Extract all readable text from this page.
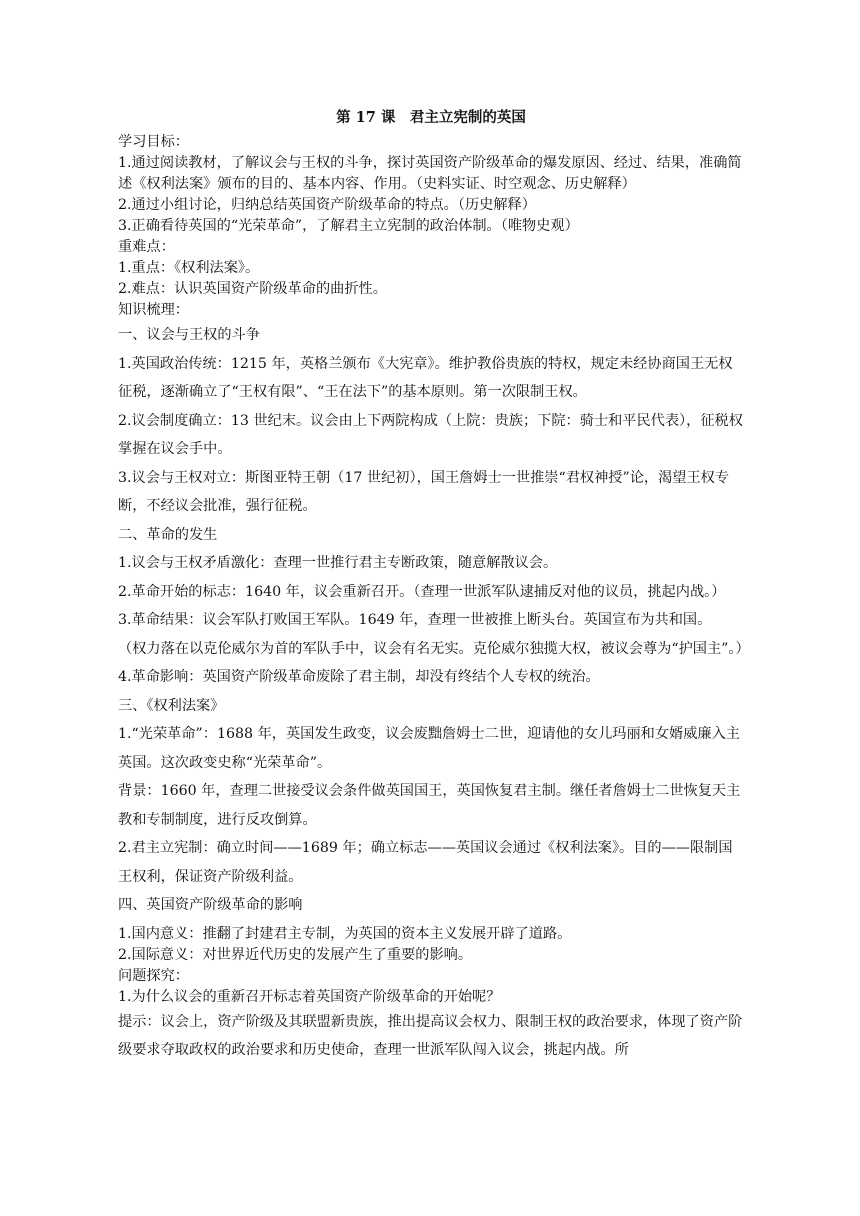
第 17 课　君主立宪制的英国

学习目标：

1.通过阅读教材，了解议会与王权的斗争，探讨英国资产阶级革命的爆发原因、经过、结果，准确简述《权利法案》颁布的目的、基本内容、作用。（史料实证、时空观念、历史解释）

2.通过小组讨论，归纳总结英国资产阶级革命的特点。（历史解释）

3.正确看待英国的“光荣革命”，了解君主立宪制的政治体制。（唯物史观）

重难点：

1.重点：《权利法案》。

2.难点：认识英国资产阶级革命的曲折性。

知识梳理：

一、议会与王权的斗争

1.英国政治传统：1215 年，英格兰颁布《大宪章》。维护教俗贵族的特权，规定未经协商国王无权征税，逐渐确立了“王权有限”、“王在法下”的基本原则。第一次限制王权。

2.议会制度确立：13 世纪末。议会由上下两院构成（上院：贵族；下院：骑士和平民代表），征税权掌握在议会手中。

3.议会与王权对立：斯图亚特王朝（17 世纪初），国王詹姆士一世推崇“君权神授”论，渴望王权专断，不经议会批准，强行征税。

二、革命的发生

1.议会与王权矛盾激化：查理一世推行君主专断政策，随意解散议会。

2.革命开始的标志：1640 年，议会重新召开。（查理一世派军队逮捕反对他的议员，挑起内战。）

3.革命结果：议会军队打败国王军队。1649 年，查理一世被推上断头台。英国宣布为共和国。

（权力落在以克伦威尔为首的军队手中，议会有名无实。克伦威尔独揽大权，被议会尊为“护国主”。）

4.革命影响：英国资产阶级革命废除了君主制，却没有终结个人专权的统治。

三、《权利法案》

1.“光荣革命”：1688 年，英国发生政变，议会废黜詹姆士二世，迎请他的女儿玛丽和女婿威廉入主英国。这次政变史称“光荣革命”。

背景：1660 年，查理二世接受议会条件做英国国王，英国恢复君主制。继任者詹姆士二世恢复天主教和专制制度，进行反攻倒算。

2.君主立宪制：确立时间——1689 年；确立标志——英国议会通过《权利法案》。目的——限制国王权利，保证资产阶级利益。

四、英国资产阶级革命的影响

1.国内意义：推翻了封建君主专制，为英国的资本主义发展开辟了道路。

2.国际意义：对世界近代历史的发展产生了重要的影响。

问题探究：

1.为什么议会的重新召开标志着英国资产阶级革命的开始呢？

提示：议会上，资产阶级及其联盟新贵族，推出提高议会权力、限制王权的政治要求，体现了资产阶级要求夺取政权的政治要求和历史使命，查理一世派军队闯入议会，挑起内战。所
